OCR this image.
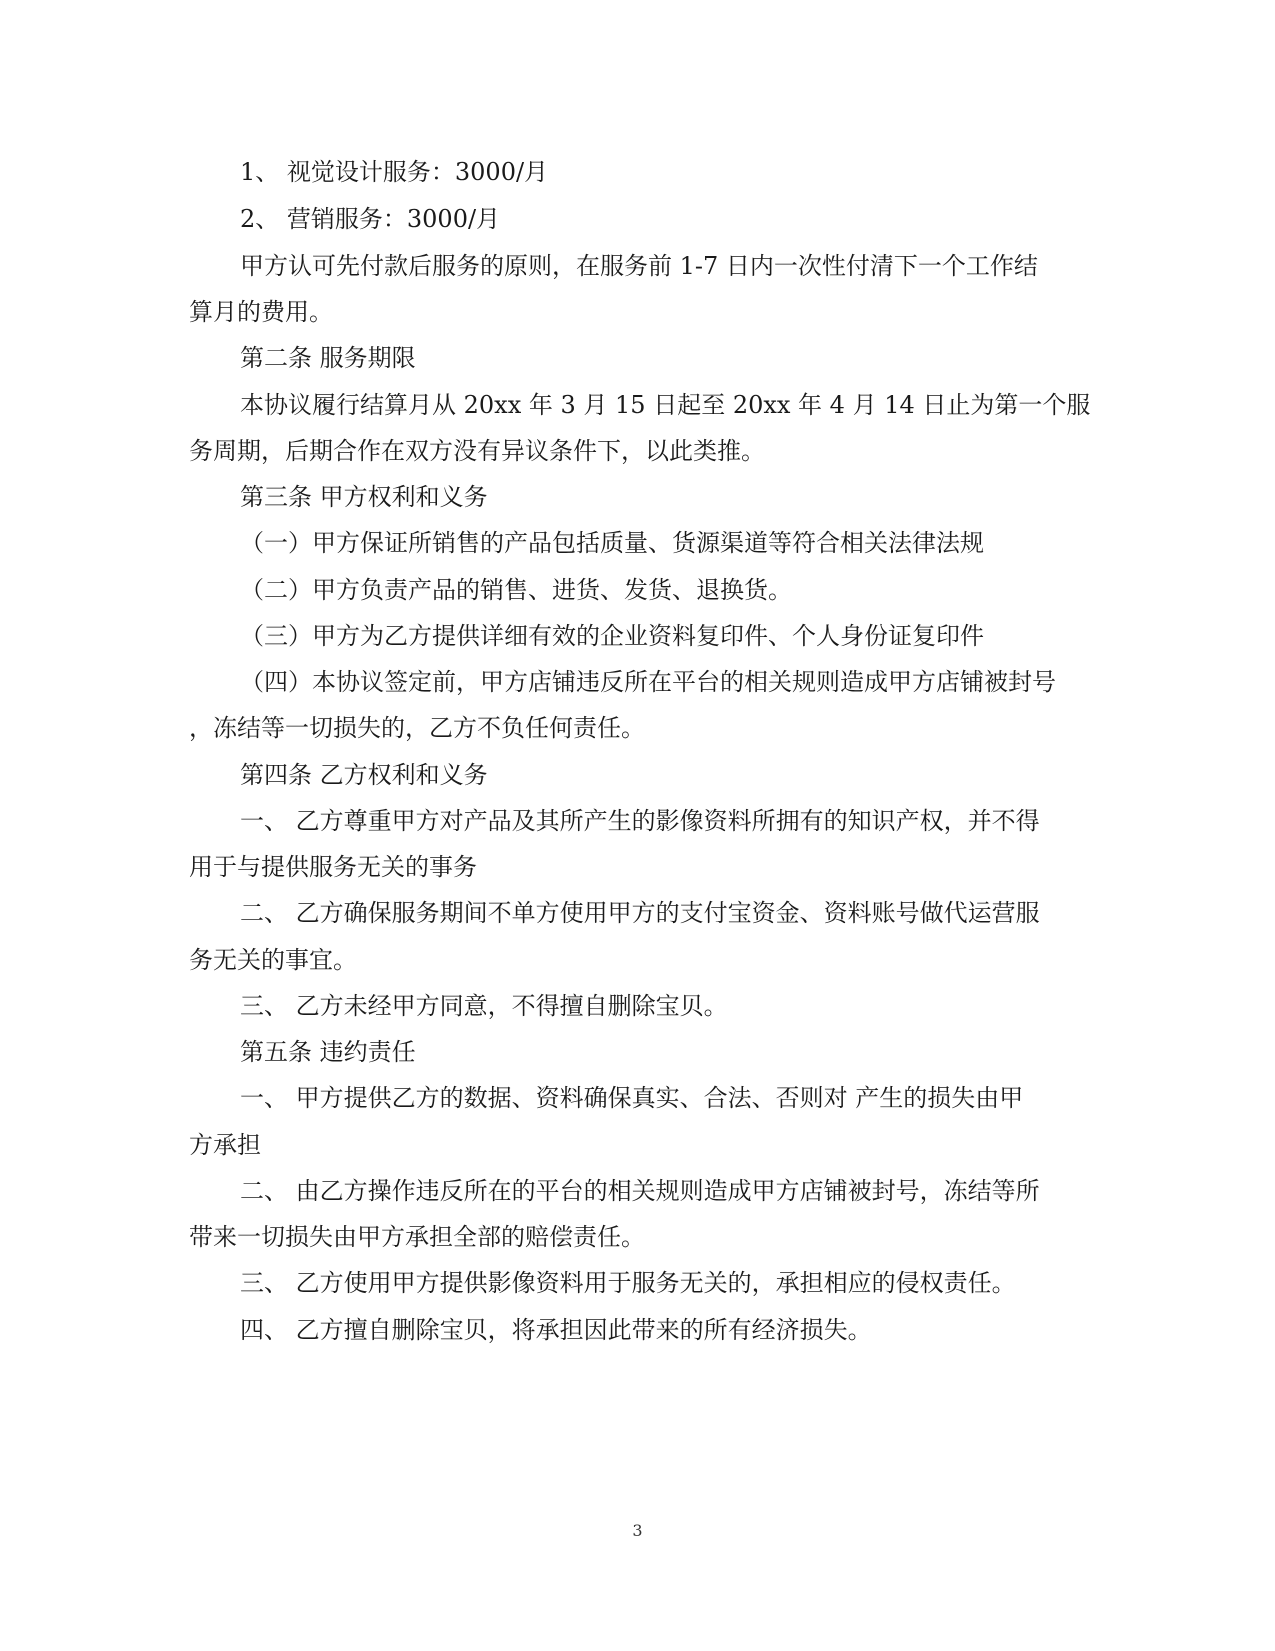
1、 视觉设计服务：3000/月
2、 营销服务：3000/月
甲方认可先付款后服务的原则，在服务前 1-7 日内一次性付清下一个工作结
算月的费用。
第二条 服务期限
本协议履行结算月从 20xx 年 3 月 15 日起至 20xx 年 4 月 14 日止为第一个服
务周期，后期合作在双方没有异议条件下，以此类推。
第三条 甲方权利和义务
（一）甲方保证所销售的产品包括质量、货源渠道等符合相关法律法规
（二）甲方负责产品的销售、进货、发货、退换货。
（三）甲方为乙方提供详细有效的企业资料复印件、个人身份证复印件
（四）本协议签定前，甲方店铺违反所在平台的相关规则造成甲方店铺被封号
，冻结等一切损失的，乙方不负任何责任。
第四条 乙方权利和义务
一、 乙方尊重甲方对产品及其所产生的影像资料所拥有的知识产权，并不得
用于与提供服务无关的事务
二、 乙方确保服务期间不单方使用甲方的支付宝资金、资料账号做代运营服
务无关的事宜。
三、 乙方未经甲方同意，不得擅自删除宝贝。
第五条 违约责任
一、 甲方提供乙方的数据、资料确保真实、合法、否则对 产生的损失由甲
方承担
二、 由乙方操作违反所在的平台的相关规则造成甲方店铺被封号，冻结等所
带来一切损失由甲方承担全部的赔偿责任。
三、 乙方使用甲方提供影像资料用于服务无关的，承担相应的侵权责任。
四、 乙方擅自删除宝贝，将承担因此带来的所有经济损失。
3
